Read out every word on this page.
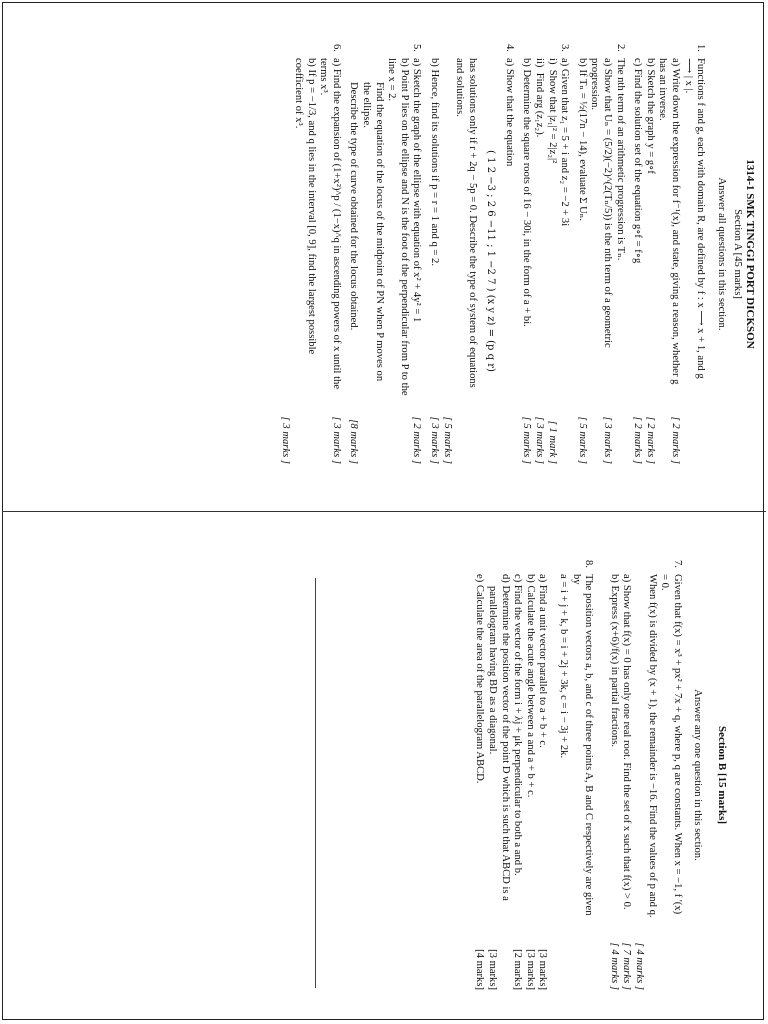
1314-1 SMK TINGGI PORT DICKSON
Section A [45 marks]
Answer all questions in this section.
1.
Functions f and g, each with domain R, are defined by f : x ⟶ x + 1, and g ⟶ | x |.
a) Write down the expression for f⁻¹(x), and state, giving a reason, whether g has an inverse.
[ 2 marks ]
b) Sketch the graph y = g∘f
[ 2 marks ]
c) Find the solution set of the equation g∘f = f∘g
[ 2 marks ]
2.
The nth term of an arithmetic progression is Tₙ.
a) Show that Uₙ = (5/2)(−2)^(2(Tₙ/5)) is the nth term of a geometric progression.
[ 3 marks ]
b) If Tₙ = ½(17n − 14), evaluate Σ Uₙ.
[ 5 marks ]
3.
a) Given that z₁ = 5 + i and z₂ = −2 + 3i
i)  Show that |z₁|² = 2|z₂|²
[ 1 mark ]
ii)  Find arg (z₁z₂).
[ 3 marks ]
b) Determine the square roots of 16 − 30i, in the form of a + bi.
[ 5 marks ]
4.
a) Show that the equation
( 1 2 −3 ; 2 6 −11 ; 1 −2 7 ) (x y z) = (p q r)
has solutions only if r + 2q − 5p = 0. Describe the type of system of equations and solutions.
[ 5 marks ]
b) Hence, find its solutions if p = r = 1 and q = 2.
[ 3 marks ]
5.
a) Sketch the graph of the ellipse with equation of x² + 4y² = 1
[ 2 marks ]
b) Point P lies on the ellipse and N is the foot of the perpendicular from P to the line x = 2.
Find the equation of the locus of the midpoint of PN when P moves on the ellipse.
Describe the type of curve obtained for the locus obtained.
[8 marks ]
6.
a) Find the expansion of (1+x²)^p / (1−x)^q in ascending powers of x until the terms x³.
[ 3 marks ]
b) If p = −1/3, and q lies in the interval [0, 9], find the largest possible coefficient of x³.
[ 3 marks ]
Section B [15 marks]
Answer any one question in this section.
7.
Given that f(x) = x³ + px² + 7x + q, where p, q are constants. When x = −1, f '(x) = 0.
When f(x) is divided by (x + 1), the remainder is −16. Find the values of p and q.
[ 4 marks ]
a) Show that f(x) = 0 has only one real root. Find the set of x such that f(x) > 0.
[ 7 marks ]
b) Express (x+6)/f(x) in partial fractions.
[ 4 marks ]
8.
The position vectors a, b, and c of three points A, B and C respectively are given by
a = i + j + k, b = i + 2j + 3k, c = i − 3j + 2k.
a) Find a unit vector parallel to a + b + c.
[3 marks]
b) Calculate the acute angle between a and a + b + c.
[3 marks]
c) Find the vector of the form i + λj + μk perpendicular to both a and b.
[2 marks]
d) Determine the position vector of the point D which is such that ABCD is a
parallelogram having BD as a diagonal.
[3 marks]
e) Calculate the area of the parallelogram ABCD.
[4 marks]
